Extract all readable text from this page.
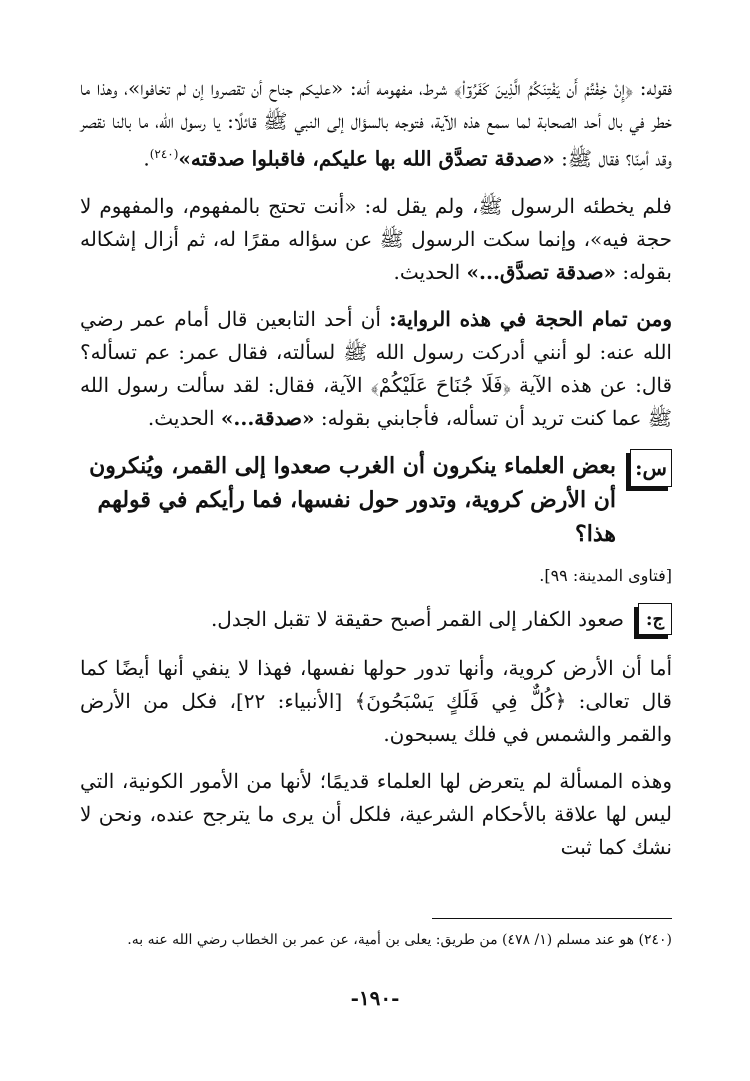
فقوله: ﴿إِنْ خِفْتُمْ أَن يَفْتِنَكُمُ الَّذِينَ كَفَرُوٓا۟﴾ شرط، مفهومه أنه: «عليكم جناح أن تقصروا إن لم تخافوا»، وهذا ما خطر في بال أحد الصحابة لما سمع هذه الآية، فتوجه بالسؤال إلى النبي ﷺ قائلًا: يا رسول الله، ما بالنا نقصر وقد أمِنّا؟ فقال ﷺ: «صدقة تصدَّق الله بها عليكم، فاقبلوا صدقته»$^{(٢٤٠)}$.

فلم يخطئه الرسول ﷺ، ولم يقل له: «أنت تحتج بالمفهوم، والمفهوم لا حجة فيه»، وإنما سكت الرسول ﷺ عن سؤاله مقرًا له، ثم أزال إشكاله بقوله: «صدقة تصدَّق...» الحديث.

ومن تمام الحجة في هذه الرواية: أن أحد التابعين قال أمام عمر رضي الله عنه: لو أنني أدركت رسول الله ﷺ لسألته، فقال عمر: عم تسأله؟ قال: عن هذه الآية ﴿فَلَا جُنَاحَ عَلَيْكُمْ﴾ الآية، فقال: لقد سألت رسول الله ﷺ عما كنت تريد أن تسأله، فأجابني بقوله: «صدقة...» الحديث.

س:
بعض العلماء ينكرون أن الغرب صعدوا إلى القمر، ويُنكرون أن الأرض كروية، وتدور حول نفسها، فما رأيكم في قولهم هذا؟

[فتاوى المدينة: ٩٩].

ج:
صعود الكفار إلى القمر أصبح حقيقة لا تقبل الجدل.

أما أن الأرض كروية، وأنها تدور حولها نفسها، فهذا لا ينفي أنها أيضًا كما قال تعالى: ﴿كُلٌّ فِي فَلَكٍ يَسْبَحُونَ﴾ [الأنبياء: ٢٢]، فكل من الأرض والقمر والشمس في فلك يسبحون.

وهذه المسألة لم يتعرض لها العلماء قديمًا؛ لأنها من الأمور الكونية، التي ليس لها علاقة بالأحكام الشرعية، فلكل أن يرى ما يترجح عنده، ونحن لا نشك كما ثبت

(٢٤٠) هو عند مسلم (١/ ٤٧٨) من طريق: يعلى بن أمية، عن عمر بن الخطاب رضي الله عنه به.

-١٩٠-
